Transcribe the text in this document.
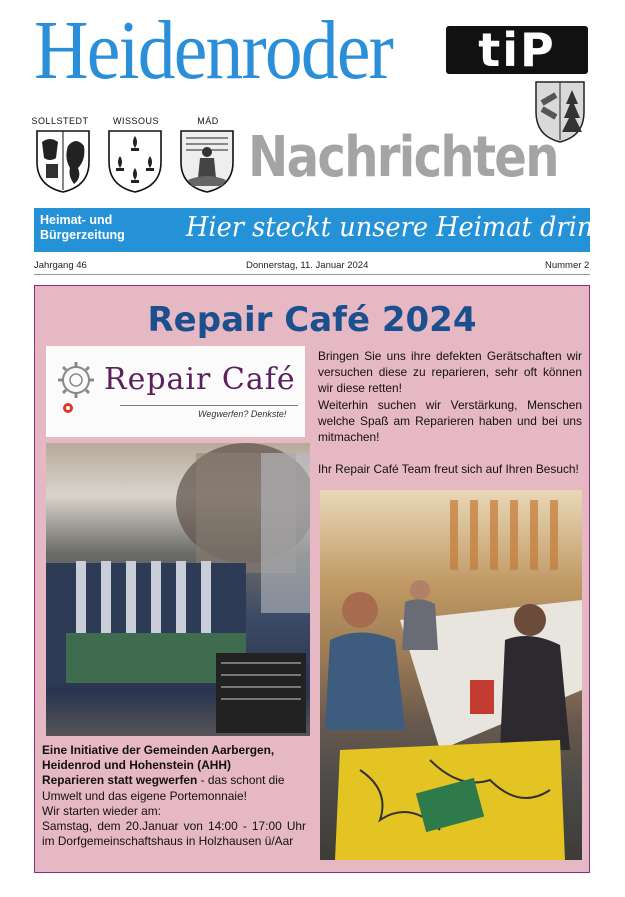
Heidenroder	tiP
SOLLSTEDT	WISSOUS	MÁD
Nachrichten
Heimat- und Bürgerzeitung	Hier steckt unsere Heimat drin!
Jahrgang 46	Donnerstag, 11. Januar 2024	Nummer 2
Repair Café 2024
Repair Café
Wegwerfen? Denkste!
Bringen Sie uns ihre defekten Gerätschaften wir versuchen diese zu reparieren, sehr oft können wir diese retten!
Weiterhin suchen wir Verstärkung, Menschen welche Spaß am Reparieren haben und bei uns mitmachen!
Ihr Repair Café Team freut sich auf Ihren Besuch!
Eine Initiative der Gemeinden Aarbergen, Heidenrod und Hohenstein (AHH)
Reparieren statt wegwerfen - das schont die Umwelt und das eigene Portemonnaie!
Wir starten wieder am:
Samstag, dem 20.Januar von 14:00 - 17:00 Uhr im Dorfgemeinschaftshaus in Holzhausen ü/Aar
